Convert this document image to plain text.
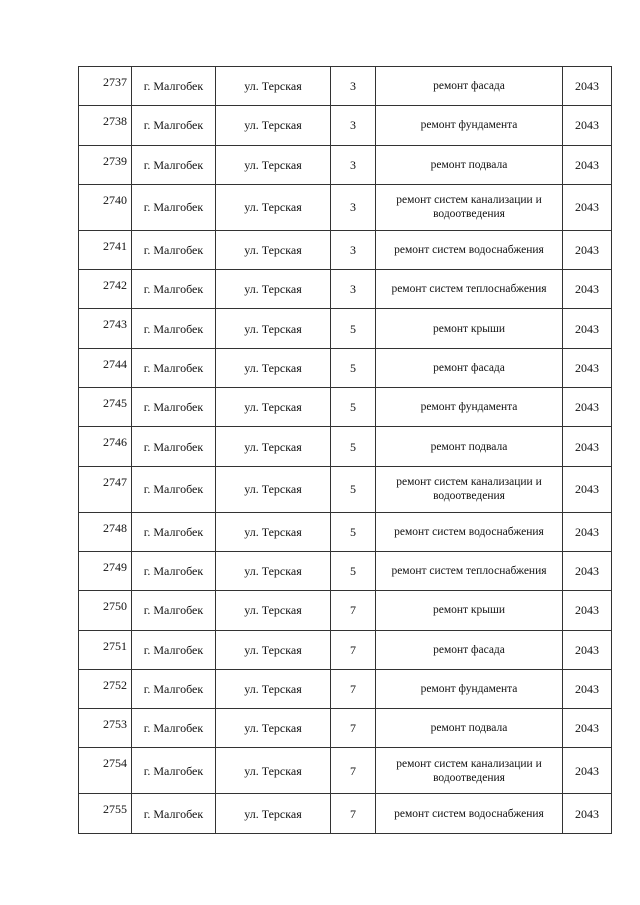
2737	г. Малгобек	ул. Терская	3	ремонт фасада	2043
2738	г. Малгобек	ул. Терская	3	ремонт фундамента	2043
2739	г. Малгобек	ул. Терская	3	ремонт подвала	2043
2740	г. Малгобек	ул. Терская	3	ремонт систем канализации и водоотведения	2043
2741	г. Малгобек	ул. Терская	3	ремонт систем водоснабжения	2043
2742	г. Малгобек	ул. Терская	3	ремонт систем теплоснабжения	2043
2743	г. Малгобек	ул. Терская	5	ремонт крыши	2043
2744	г. Малгобек	ул. Терская	5	ремонт фасада	2043
2745	г. Малгобек	ул. Терская	5	ремонт фундамента	2043
2746	г. Малгобек	ул. Терская	5	ремонт подвала	2043
2747	г. Малгобек	ул. Терская	5	ремонт систем канализации и водоотведения	2043
2748	г. Малгобек	ул. Терская	5	ремонт систем водоснабжения	2043
2749	г. Малгобек	ул. Терская	5	ремонт систем теплоснабжения	2043
2750	г. Малгобек	ул. Терская	7	ремонт крыши	2043
2751	г. Малгобек	ул. Терская	7	ремонт фасада	2043
2752	г. Малгобек	ул. Терская	7	ремонт фундамента	2043
2753	г. Малгобек	ул. Терская	7	ремонт подвала	2043
2754	г. Малгобек	ул. Терская	7	ремонт систем канализации и водоотведения	2043
2755	г. Малгобек	ул. Терская	7	ремонт систем водоснабжения	2043
